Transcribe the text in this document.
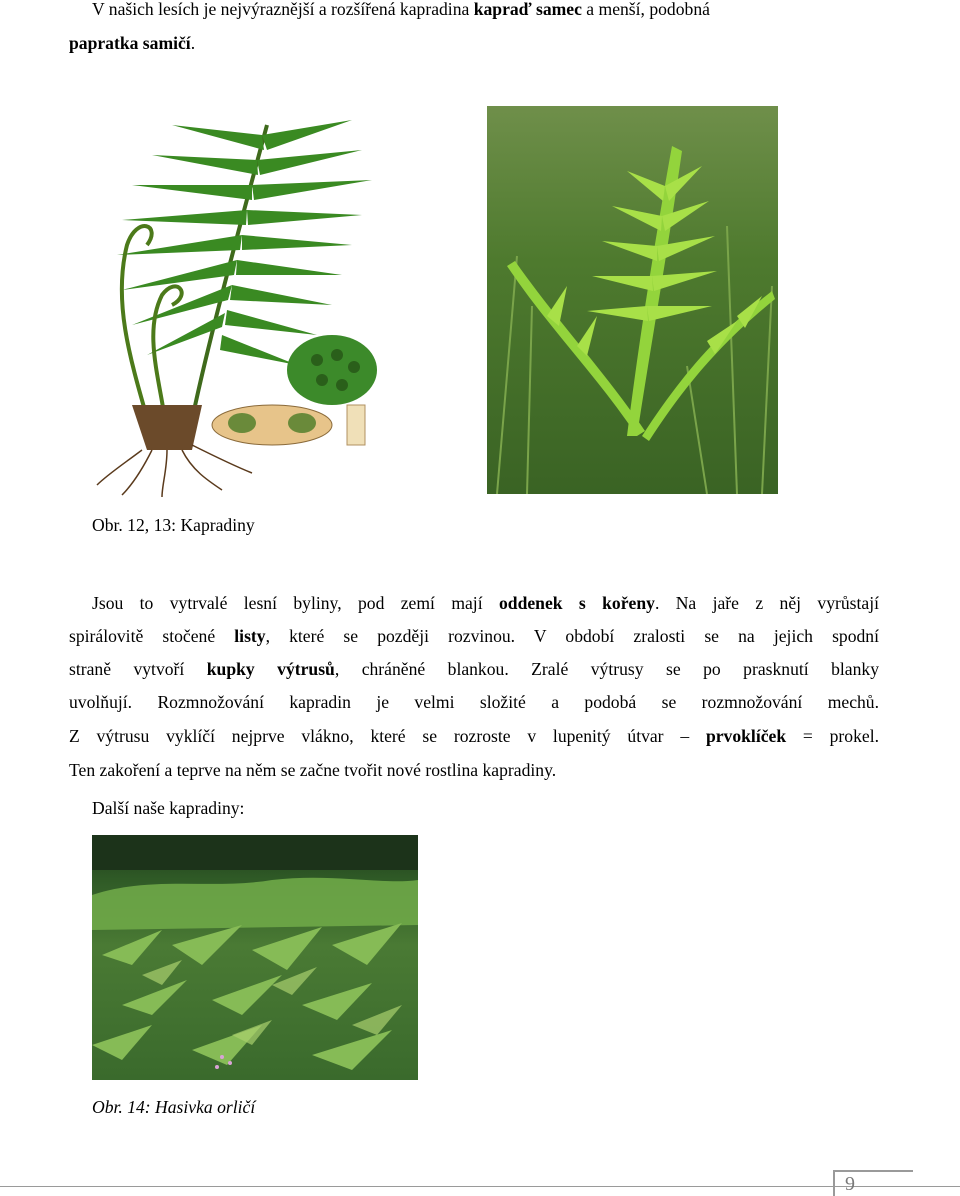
V našich lesích je nejvýraznější a rozšířená kapradina kapraď samec a menší, podobná
papratka samičí.
Obr. 12, 13: Kapradiny
Jsou to vytrvalé lesní byliny, pod zemí mají oddenek s kořeny. Na jaře z něj vyrůstají
spirálovitě stočené listy, které se později rozvinou. V období zralosti se na jejich spodní
straně vytvoří kupky výtrusů, chráněné blankou. Zralé výtrusy se po prasknutí blanky
uvolňují. Rozmnožování kapradin je velmi složité a podobá se rozmnožování mechů.
Z výtrusu vyklíčí nejprve vlákno, které se rozroste v lupenitý útvar – prvoklíček = prokel.
Ten zakoření a teprve na něm se začne tvořit nové rostlina kapradiny.
Další naše kapradiny:
Obr. 14: Hasivka orličí
9
